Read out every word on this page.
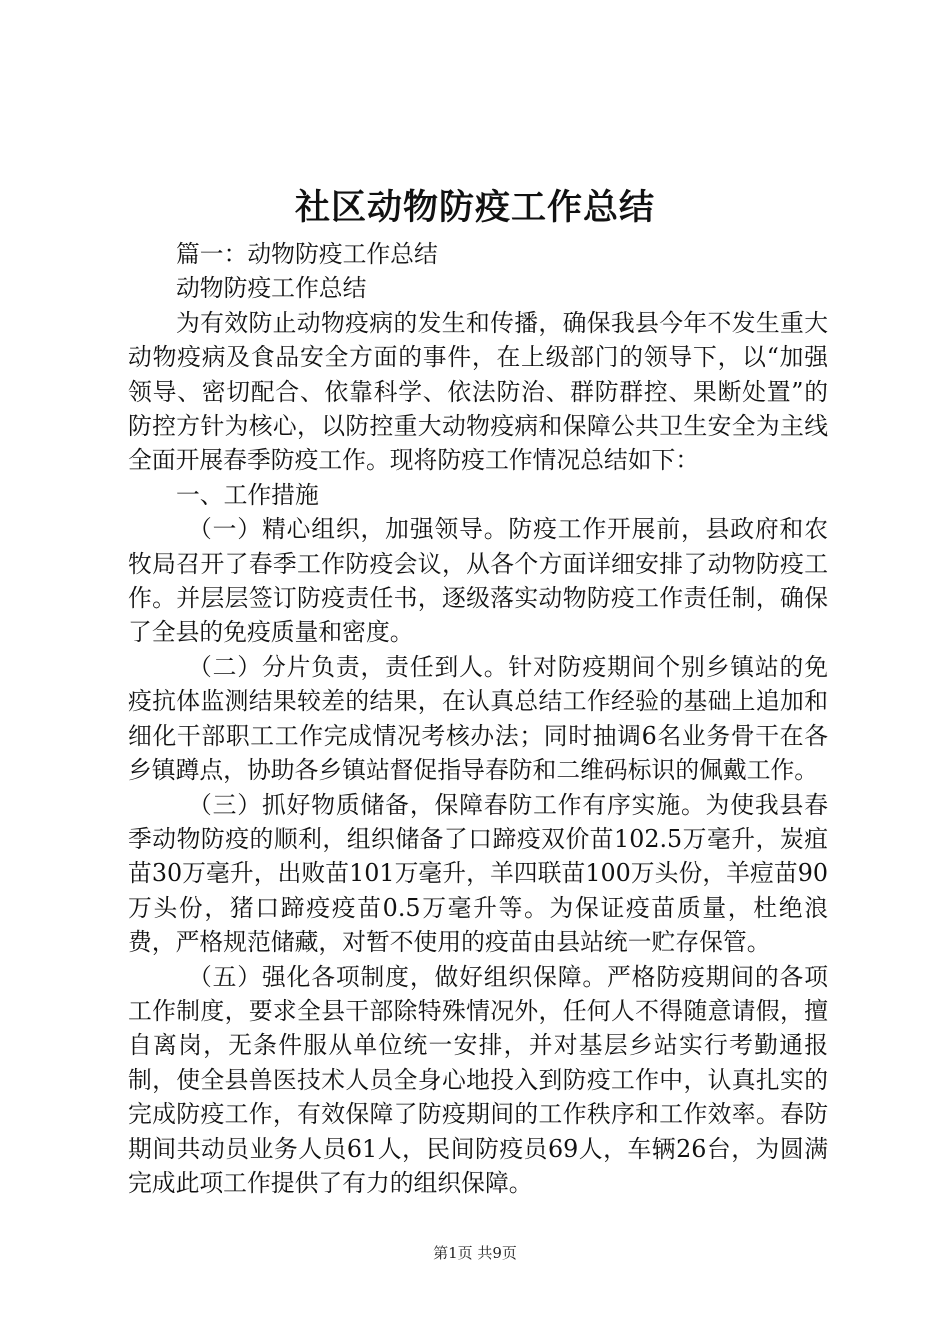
社区动物防疫工作总结

篇一：动物防疫工作总结

动物防疫工作总结

为有效防止动物疫病的发生和传播，确保我县今年不发生重大动物疫病及食品安全方面的事件，在上级部门的领导下，以“加强领导、密切配合、依靠科学、依法防治、群防群控、果断处置”的防控方针为核心，以防控重大动物疫病和保障公共卫生安全为主线全面开展春季防疫工作。现将防疫工作情况总结如下：

一、工作措施

（一）精心组织，加强领导。防疫工作开展前，县政府和农牧局召开了春季工作防疫会议，从各个方面详细安排了动物防疫工作。并层层签订防疫责任书，逐级落实动物防疫工作责任制，确保了全县的免疫质量和密度。

（二）分片负责，责任到人。针对防疫期间个别乡镇站的免疫抗体监测结果较差的结果，在认真总结工作经验的基础上追加和细化干部职工工作完成情况考核办法；同时抽调6名业务骨干在各乡镇蹲点，协助各乡镇站督促指导春防和二维码标识的佩戴工作。

（三）抓好物质储备，保障春防工作有序实施。为使我县春季动物防疫的顺利，组织储备了口蹄疫双价苗102.5万毫升，炭疽苗30万毫升，出败苗101万毫升，羊四联苗100万头份，羊痘苗90万头份，猪口蹄疫疫苗0.5万毫升等。为保证疫苗质量，杜绝浪费，严格规范储藏，对暂不使用的疫苗由县站统一贮存保管。

（五）强化各项制度，做好组织保障。严格防疫期间的各项工作制度，要求全县干部除特殊情况外，任何人不得随意请假，擅自离岗，无条件服从单位统一安排，并对基层乡站实行考勤通报制，使全县兽医技术人员全身心地投入到防疫工作中，认真扎实的完成防疫工作，有效保障了防疫期间的工作秩序和工作效率。春防期间共动员业务人员61人，民间防疫员69人，车辆26台，为圆满完成此项工作提供了有力的组织保障。

第1页 共9页
